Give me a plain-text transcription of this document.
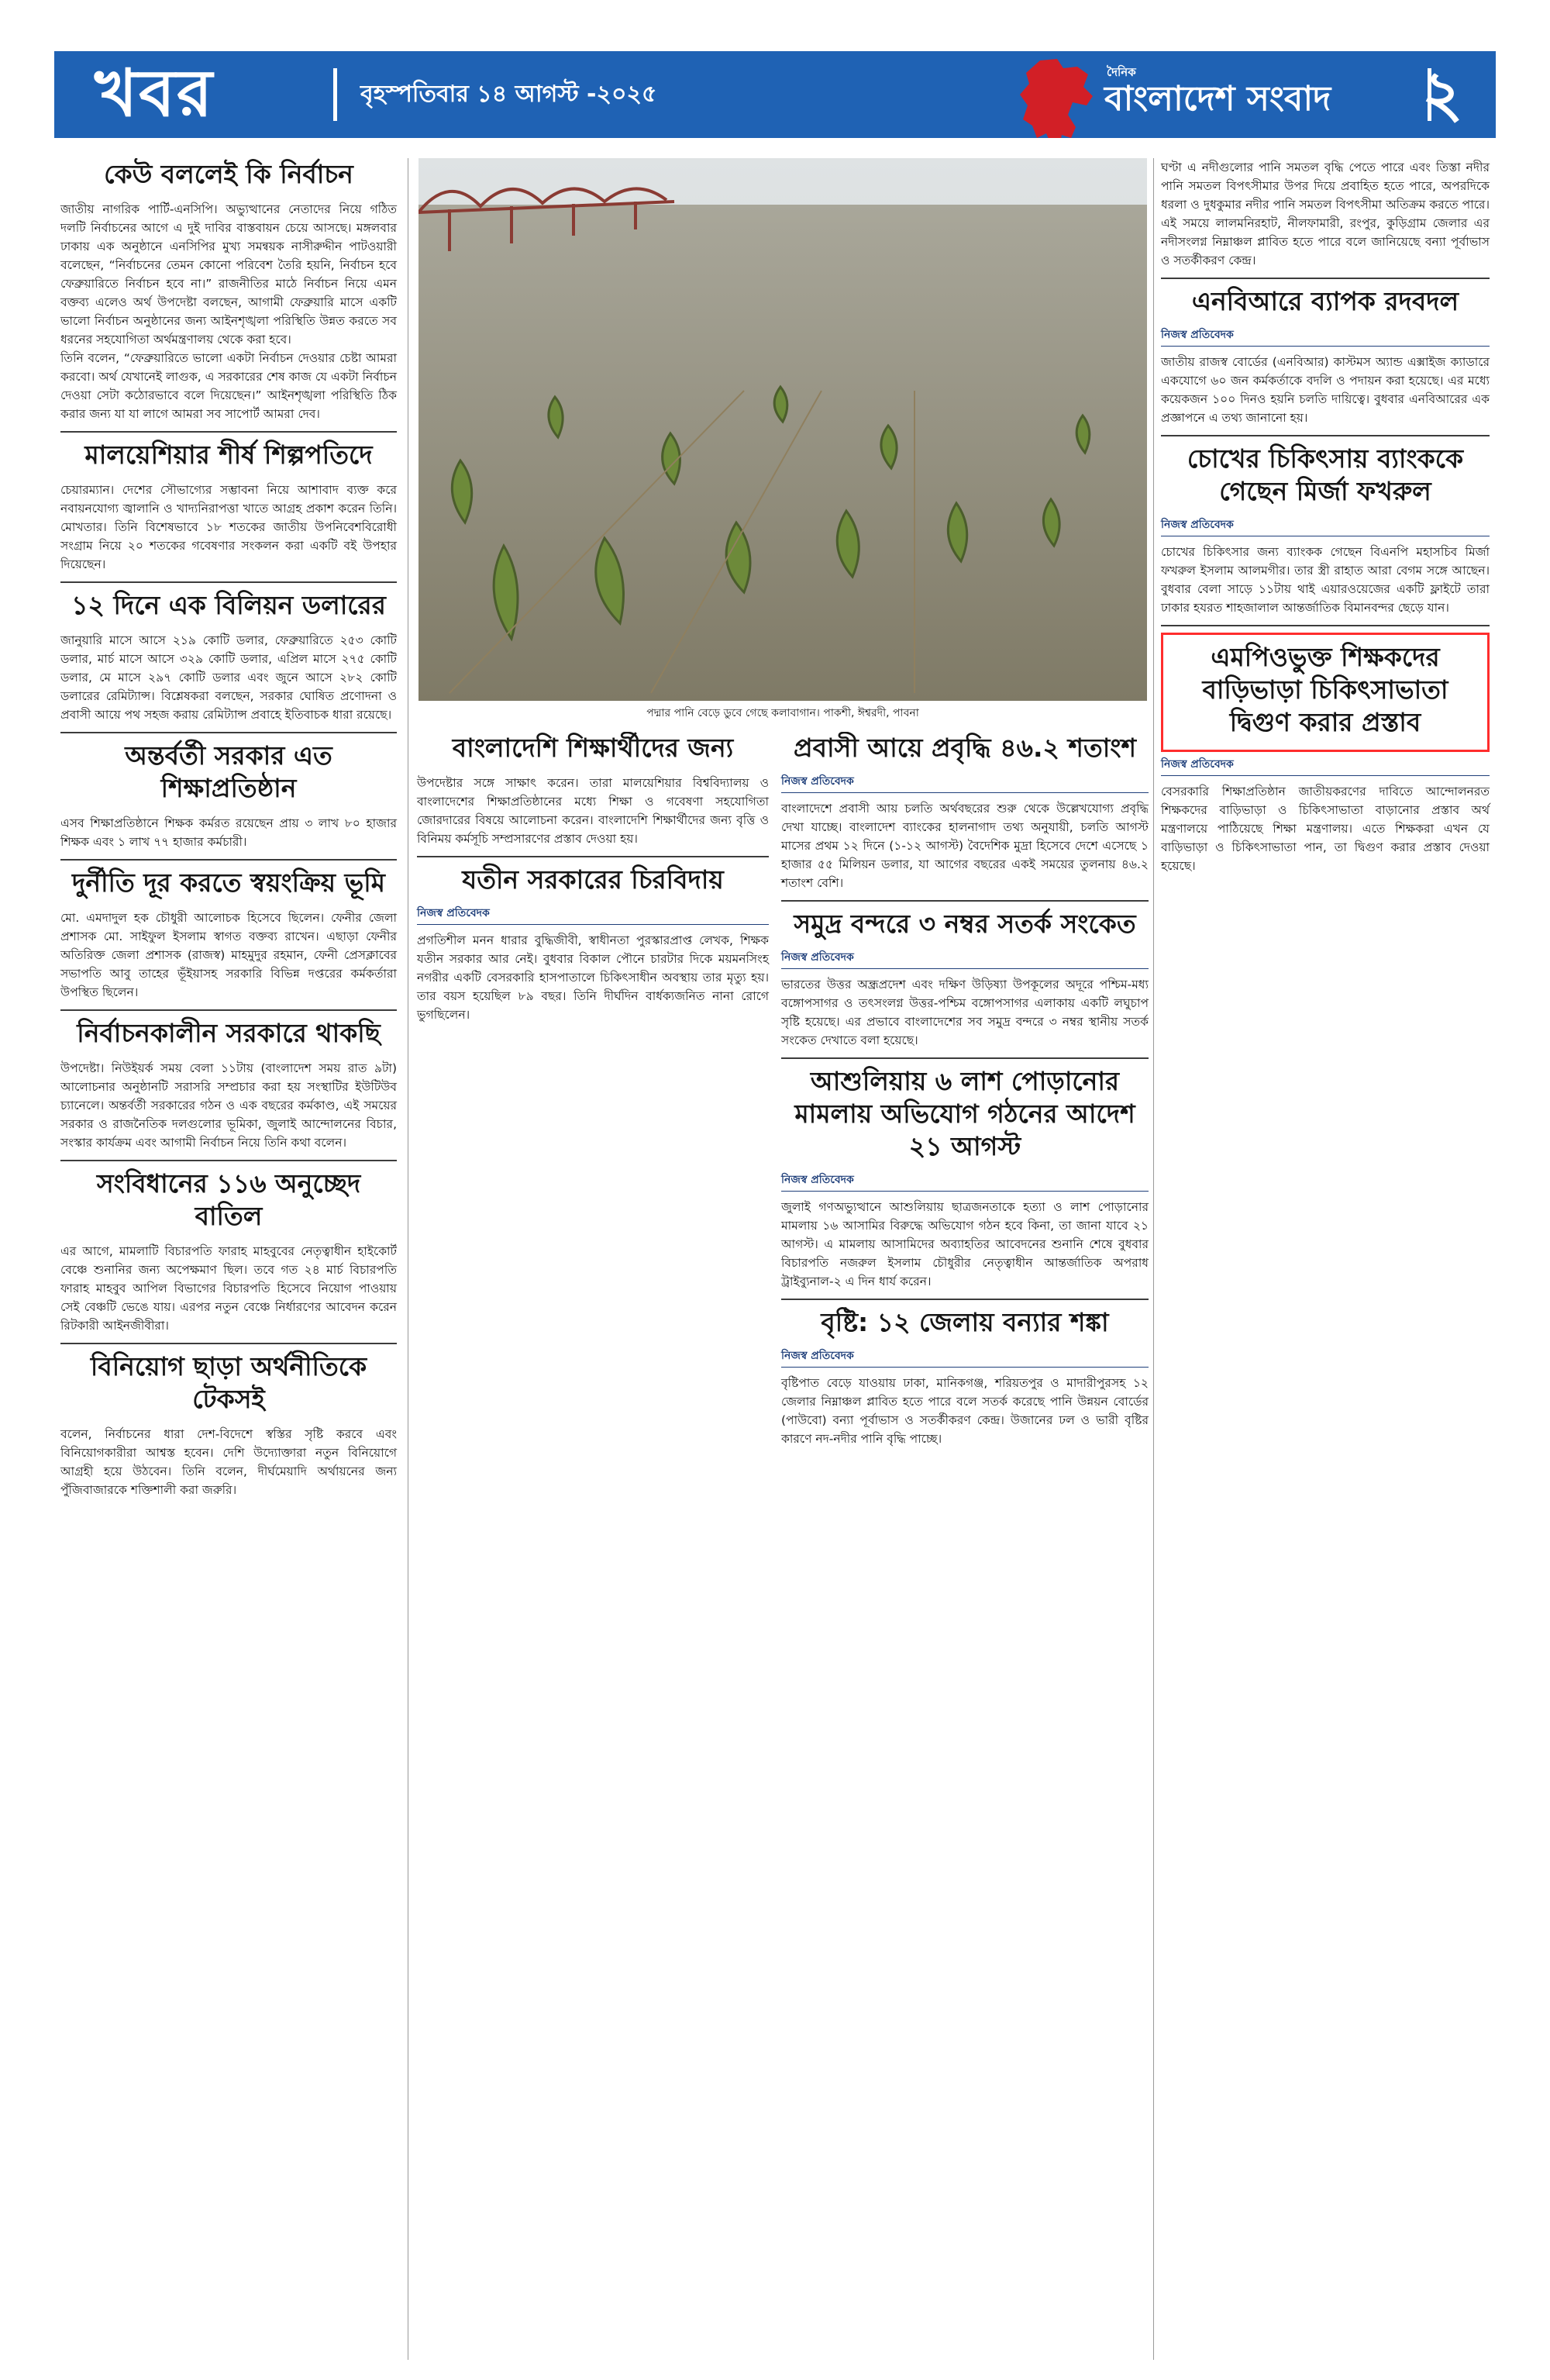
খবর	বৃহস্পতিবার ১৪ আগস্ট -২০২৫
দৈনিক
বাংলাদেশ সংবাদ ২
পদ্মার পানি বেড়ে ডুবে গেছে কলাবাগান। পাকশী, ঈশ্বরদী, পাবনা
কেউ বললেই কি নির্বাচন
জাতীয় নাগরিক পার্টি-এনসিপি। অভ্যুত্থানের নেতাদের নিয়ে গঠিত দলটি নির্বাচনের আগে এ দুই দাবির বাস্তবায়ন চেয়ে আসছে। মঙ্গলবার ঢাকায় এক অনুষ্ঠানে এনসিপির মুখ্য সমন্বয়ক নাসীরুদ্দীন পাটওয়ারী বলেছেন, “নির্বাচনের তেমন কোনো পরিবেশ তৈরি হয়নি, নির্বাচন হবে ফেব্রুয়ারিতে নির্বাচন হবে না।” রাজনীতির মাঠে নির্বাচন নিয়ে এমন বক্তব্য এলেও অর্থ উপদেষ্টা বলছেন, আগামী ফেব্রুয়ারি মাসে একটি ভালো নির্বাচন অনুষ্ঠানের জন্য আইনশৃঙ্খলা পরিস্থিতি উন্নত করতে সব ধরনের সহযোগিতা অর্থমন্ত্রণালয় থেকে করা হবে।
তিনি বলেন, “ফেব্রুয়ারিতে ভালো একটা নির্বাচন দেওয়ার চেষ্টা আমরা করবো। অর্থ যেখানেই লাগুক, এ সরকারের শেষ কাজ যে একটা নির্বাচন দেওয়া সেটা কঠোরভাবে বলে দিয়েছেন।” আইনশৃঙ্খলা পরিস্থিতি ঠিক করার জন্য যা যা লাগে আমরা সব সাপোর্ট আমরা দেব।
মালয়েশিয়ার শীর্ষ শিল্পপতিদে
চেয়ারম্যান। দেশের সৌভাগ্যের সম্ভাবনা নিয়ে আশাবাদ ব্যক্ত করে নবায়নযোগ্য জ্বালানি ও খাদ্যনিরাপত্তা খাতে আগ্রহ প্রকাশ করেন তিনি। মোখতার। তিনি বিশেষভাবে ১৮ শতকের জাতীয় উপনিবেশবিরোধী সংগ্রাম নিয়ে ২০ শতকের গবেষণার সংকলন করা একটি বই উপহার দিয়েছেন।
১২ দিনে এক বিলিয়ন ডলারের
জানুয়ারি মাসে আসে ২১৯ কোটি ডলার, ফেব্রুয়ারিতে ২৫৩ কোটি ডলার, মার্চ মাসে আসে ৩২৯ কোটি ডলার, এপ্রিল মাসে ২৭৫ কোটি ডলার, মে মাসে ২৯৭ কোটি ডলার এবং জুনে আসে ২৮২ কোটি ডলারের রেমিট্যান্স। বিশ্লেষকরা বলছেন, সরকার ঘোষিত প্রণোদনা ও প্রবাসী আয়ে পথ সহজ করায় রেমিট্যান্স প্রবাহে ইতিবাচক ধারা রয়েছে।
অন্তর্বর্তী সরকার এত শিক্ষাপ্রতিষ্ঠান
এসব শিক্ষাপ্রতিষ্ঠানে শিক্ষক কর্মরত রয়েছেন প্রায় ৩ লাখ ৮০ হাজার শিক্ষক এবং ১ লাখ ৭৭ হাজার কর্মচারী।
দুর্নীতি দূর করতে স্বয়ংক্রিয় ভূমি
মো. এমদাদুল হক চৌধুরী আলোচক হিসেবে ছিলেন। ফেনীর জেলা প্রশাসক মো. সাইফুল ইসলাম স্বাগত বক্তব্য রাখেন। এছাড়া ফেনীর অতিরিক্ত জেলা প্রশাসক (রাজস্ব) মাহমুদুর রহমান, ফেনী প্রেসক্লাবের সভাপতি আবু তাহের ভূঁইয়াসহ সরকারি বিভিন্ন দপ্তরের কর্মকর্তারা উপস্থিত ছিলেন।
নির্বাচনকালীন সরকারে থাকছি
উপদেষ্টা। নিউইয়র্ক সময় বেলা ১১টায় (বাংলাদেশ সময় রাত ৯টা) আলোচনার অনুষ্ঠানটি সরাসরি সম্প্রচার করা হয় সংস্থাটির ইউটিউব চ্যানেলে। অন্তর্বর্তী সরকারের গঠন ও এক বছরের কর্মকাণ্ড, এই সময়ের সরকার ও রাজনৈতিক দলগুলোর ভূমিকা, জুলাই আন্দোলনের বিচার, সংস্কার কার্যক্রম এবং আগামী নির্বাচন নিয়ে তিনি কথা বলেন।
সংবিধানের ১১৬ অনুচ্ছেদ বাতিল
এর আগে, মামলাটি বিচারপতি ফারাহ মাহবুবের নেতৃত্বাধীন হাইকোর্ট বেঞ্চে শুনানির জন্য অপেক্ষমাণ ছিল। তবে গত ২৪ মার্চ বিচারপতি ফারাহ মাহবুব আপিল বিভাগের বিচারপতি হিসেবে নিয়োগ পাওয়ায় সেই বেঞ্চটি ভেঙে যায়। এরপর নতুন বেঞ্চে নির্ধারণের আবেদন করেন রিটকারী আইনজীবীরা।
বিনিয়োগ ছাড়া অর্থনীতিকে টেকসই
বলেন, নির্বাচনের ধারা দেশ-বিদেশে স্বস্তির সৃষ্টি করবে এবং বিনিয়োগকারীরা আশ্বস্ত হবেন। দেশি উদ্যোক্তারা নতুন বিনিয়োগে আগ্রহী হয়ে উঠবেন। তিনি বলেন, দীর্ঘমেয়াদি অর্থায়নের জন্য পুঁজিবাজারকে শক্তিশালী করা জরুরি।
বাংলাদেশি শিক্ষার্থীদের জন্য
উপদেষ্টার সঙ্গে সাক্ষাৎ করেন। তারা মালয়েশিয়ার বিশ্ববিদ্যালয় ও বাংলাদেশের শিক্ষাপ্রতিষ্ঠানের মধ্যে শিক্ষা ও গবেষণা সহযোগিতা জোরদারের বিষয়ে আলোচনা করেন। বাংলাদেশি শিক্ষার্থীদের জন্য বৃত্তি ও বিনিময় কর্মসূচি সম্প্রসারণের প্রস্তাব দেওয়া হয়।
যতীন সরকারের চিরবিদায়
নিজস্ব প্রতিবেদক
প্রগতিশীল মনন ধারার বুদ্ধিজীবী, স্বাধীনতা পুরস্কারপ্রাপ্ত লেখক, শিক্ষক যতীন সরকার আর নেই। বুধবার বিকাল পৌনে চারটার দিকে ময়মনসিংহ নগরীর একটি বেসরকারি হাসপাতালে চিকিৎসাধীন অবস্থায় তার মৃত্যু হয়। তার বয়স হয়েছিল ৮৯ বছর। তিনি দীর্ঘদিন বার্ধক্যজনিত নানা রোগে ভুগছিলেন।
প্রবাসী আয়ে প্রবৃদ্ধি ৪৬.২ শতাংশ
নিজস্ব প্রতিবেদক
বাংলাদেশে প্রবাসী আয় চলতি অর্থবছরের শুরু থেকে উল্লেখযোগ্য প্রবৃদ্ধি দেখা যাচ্ছে। বাংলাদেশ ব্যাংকের হালনাগাদ তথ্য অনুযায়ী, চলতি আগস্ট মাসের প্রথম ১২ দিনে (১-১২ আগস্ট) বৈদেশিক মুদ্রা হিসেবে দেশে এসেছে ১ হাজার ৫৫ মিলিয়ন ডলার, যা আগের বছরের একই সময়ের তুলনায় ৪৬.২ শতাংশ বেশি।
সমুদ্র বন্দরে ৩ নম্বর সতর্ক সংকেত
নিজস্ব প্রতিবেদক
ভারতের উত্তর অন্ধ্রপ্রদেশ এবং দক্ষিণ উড়িষ্যা উপকূলের অদূরে পশ্চিম-মধ্য বঙ্গোপসাগর ও তৎসংলগ্ন উত্তর-পশ্চিম বঙ্গোপসাগর এলাকায় একটি লঘুচাপ সৃষ্টি হয়েছে। এর প্রভাবে বাংলাদেশের সব সমুদ্র বন্দরে ৩ নম্বর স্থানীয় সতর্ক সংকেত দেখাতে বলা হয়েছে।
আশুলিয়ায় ৬ লাশ পোড়ানোর মামলায় অভিযোগ গঠনের আদেশ ২১ আগস্ট
নিজস্ব প্রতিবেদক
জুলাই গণঅভ্যুত্থানে আশুলিয়ায় ছাত্রজনতাকে হত্যা ও লাশ পোড়ানোর মামলায় ১৬ আসামির বিরুদ্ধে অভিযোগ গঠন হবে কিনা, তা জানা যাবে ২১ আগস্ট। এ মামলায় আসামিদের অব্যাহতির আবেদনের শুনানি শেষে বুধবার বিচারপতি নজরুল ইসলাম চৌধুরীর নেতৃত্বাধীন আন্তর্জাতিক অপরাধ ট্রাইব্যুনাল-২ এ দিন ধার্য করেন।
বৃষ্টি: ১২ জেলায় বন্যার শঙ্কা
নিজস্ব প্রতিবেদক
বৃষ্টিপাত বেড়ে যাওয়ায় ঢাকা, মানিকগঞ্জ, শরিয়তপুর ও মাদারীপুরসহ ১২ জেলার নিম্নাঞ্চল প্লাবিত হতে পারে বলে সতর্ক করেছে পানি উন্নয়ন বোর্ডের (পাউবো) বন্যা পূর্বাভাস ও সতর্কীকরণ কেন্দ্র। উজানের ঢল ও ভারী বৃষ্টির কারণে নদ-নদীর পানি বৃদ্ধি পাচ্ছে।
ঘণ্টা এ নদীগুলোর পানি সমতল বৃদ্ধি পেতে পারে এবং তিস্তা নদীর পানি সমতল বিপৎসীমার উপর দিয়ে প্রবাহিত হতে পারে, অপরদিকে ধরলা ও দুধকুমার নদীর পানি সমতল বিপৎসীমা অতিক্রম করতে পারে। এই সময়ে লালমনিরহাট, নীলফামারী, রংপুর, কুড়িগ্রাম জেলার এর নদীসংলগ্ন নিম্নাঞ্চল প্লাবিত হতে পারে বলে জানিয়েছে বন্যা পূর্বাভাস ও সতর্কীকরণ কেন্দ্র।
এনবিআরে ব্যাপক রদবদল
নিজস্ব প্রতিবেদক
জাতীয় রাজস্ব বোর্ডের (এনবিআর) কাস্টমস অ্যান্ড এক্সাইজ ক্যাডারে একযোগে ৬০ জন কর্মকর্তাকে বদলি ও পদায়ন করা হয়েছে। এর মধ্যে কয়েকজন ১০০ দিনও হয়নি চলতি দায়িত্বে। বুধবার এনবিআরের এক প্রজ্ঞাপনে এ তথ্য জানানো হয়।
চোখের চিকিৎসায় ব্যাংককে গেছেন মির্জা ফখরুল
নিজস্ব প্রতিবেদক
চোখের চিকিৎসার জন্য ব্যাংকক গেছেন বিএনপি মহাসচিব মির্জা ফখরুল ইসলাম আলমগীর। তার স্ত্রী রাহাত আরা বেগম সঙ্গে আছেন। বুধবার বেলা সাড়ে ১১টায় থাই এয়ারওয়েজের একটি ফ্লাইটে তারা ঢাকার হযরত শাহজালাল আন্তর্জাতিক বিমানবন্দর ছেড়ে যান।
এমপিওভুক্ত শিক্ষকদের বাড়িভাড়া চিকিৎসাভাতা দ্বিগুণ করার প্রস্তাব
নিজস্ব প্রতিবেদক
বেসরকারি শিক্ষাপ্রতিষ্ঠান জাতীয়করণের দাবিতে আন্দোলনরত শিক্ষকদের বাড়িভাড়া ও চিকিৎসাভাতা বাড়ানোর প্রস্তাব অর্থ মন্ত্রণালয়ে পাঠিয়েছে শিক্ষা মন্ত্রণালয়। এতে শিক্ষকরা এখন যে বাড়িভাড়া ও চিকিৎসাভাতা পান, তা দ্বিগুণ করার প্রস্তাব দেওয়া হয়েছে।
